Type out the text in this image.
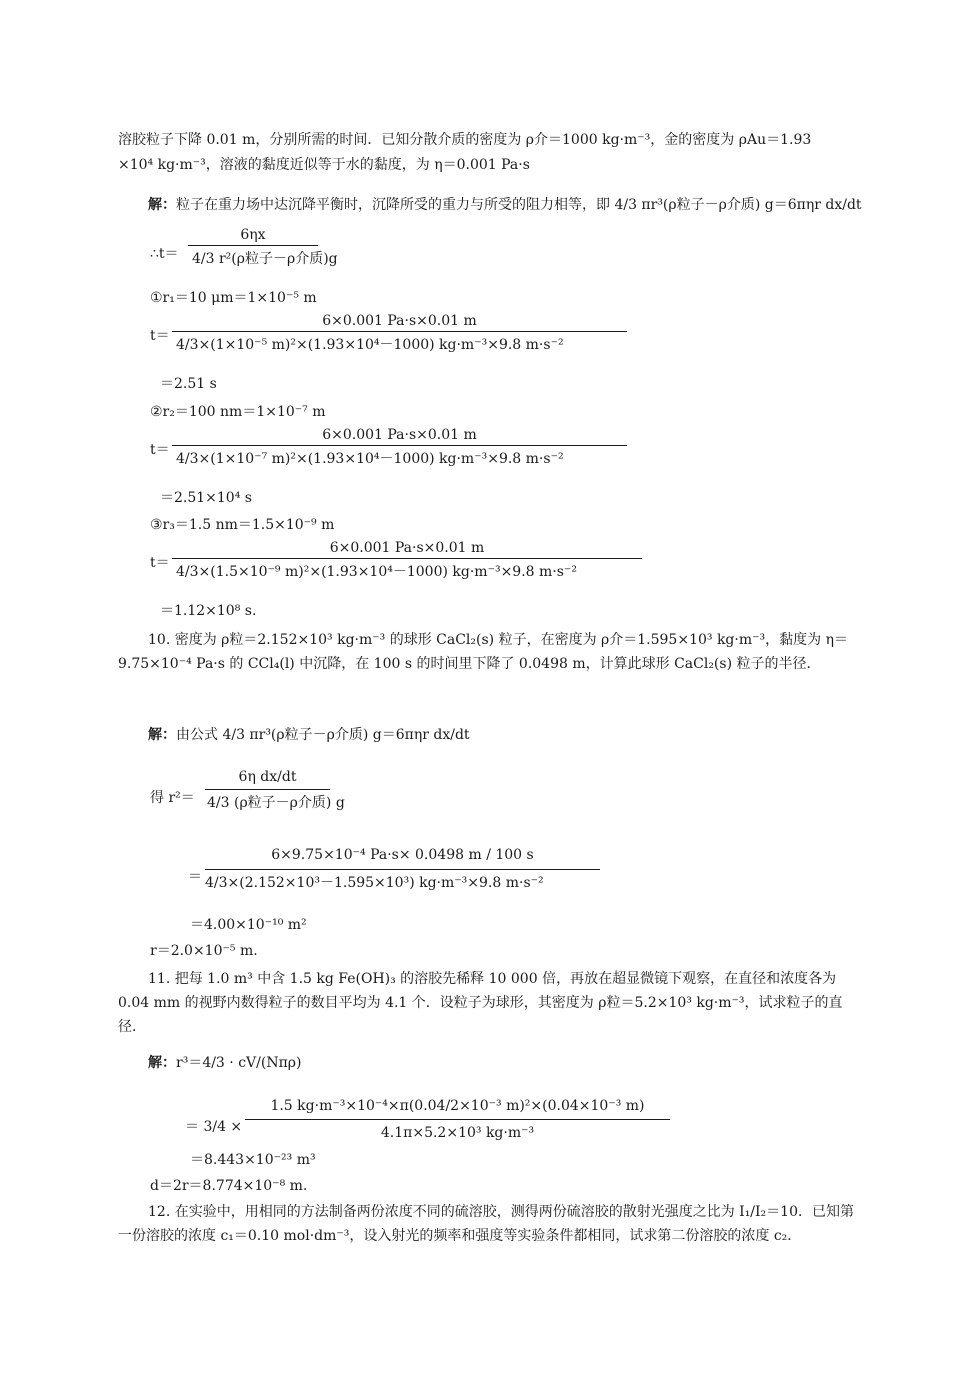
溶胶粒子下降 0.01 m，分别所需的时间．已知分散介质的密度为 ρ介＝1000 kg·m⁻³，金的密度为 ρAu＝1.93
×10⁴ kg·m⁻³，溶液的黏度近似等于水的黏度，为 η＝0.001 Pa·s
解：粒子在重力场中达沉降平衡时，沉降所受的重力与所受的阻力相等，即 4/3 πr³(ρ粒子－ρ介质) g＝6πηr dx/dt
∴t＝
6ηx
4/3 r²(ρ粒子－ρ介质)g
①r₁＝10 μm＝1×10⁻⁵ m
t＝
6×0.001 Pa·s×0.01 m
4/3×(1×10⁻⁵ m)²×(1.93×10⁴－1000) kg·m⁻³×9.8 m·s⁻²
＝2.51 s
②r₂＝100 nm＝1×10⁻⁷ m
t＝
6×0.001 Pa·s×0.01 m
4/3×(1×10⁻⁷ m)²×(1.93×10⁴－1000) kg·m⁻³×9.8 m·s⁻²
＝2.51×10⁴ s
③r₃＝1.5 nm＝1.5×10⁻⁹ m
t＝
6×0.001 Pa·s×0.01 m
4/3×(1.5×10⁻⁹ m)²×(1.93×10⁴－1000) kg·m⁻³×9.8 m·s⁻²
＝1.12×10⁸ s.
10. 密度为 ρ粒＝2.152×10³ kg·m⁻³ 的球形 CaCl₂(s) 粒子，在密度为 ρ介＝1.595×10³ kg·m⁻³，黏度为 η＝9.75×10⁻⁴ Pa·s 的 CCl₄(l) 中沉降，在 100 s 的时间里下降了 0.0498 m，计算此球形 CaCl₂(s) 粒子的半径．
解：由公式 4/3 πr³(ρ粒子－ρ介质) g＝6πηr dx/dt
得 r²＝
6η dx/dt
4/3 (ρ粒子－ρ介质) g
＝
6×9.75×10⁻⁴ Pa·s× 0.0498 m / 100 s
4/3×(2.152×10³－1.595×10³) kg·m⁻³×9.8 m·s⁻²
＝4.00×10⁻¹⁰ m²
r＝2.0×10⁻⁵ m.
11. 把每 1.0 m³ 中含 1.5 kg Fe(OH)₃ 的溶胶先稀释 10 000 倍，再放在超显微镜下观察，在直径和浓度各为 0.04 mm 的视野内数得粒子的数目平均为 4.1 个．设粒子为球形，其密度为 ρ粒＝5.2×10³ kg·m⁻³，试求粒子的直径．
解：r³＝4/3 · cV/(Nπρ)
＝ 3/4 ×
1.5 kg·m⁻³×10⁻⁴×π(0.04/2×10⁻³ m)²×(0.04×10⁻³ m)
4.1π×5.2×10³ kg·m⁻³
＝8.443×10⁻²³ m³
d＝2r＝8.774×10⁻⁸ m.
12. 在实验中，用相同的方法制备两份浓度不同的硫溶胶，测得两份硫溶胶的散射光强度之比为 I₁/I₂＝10．已知第一份溶胶的浓度 c₁＝0.10 mol·dm⁻³，设入射光的频率和强度等实验条件都相同，试求第二份溶胶的浓度 c₂．
